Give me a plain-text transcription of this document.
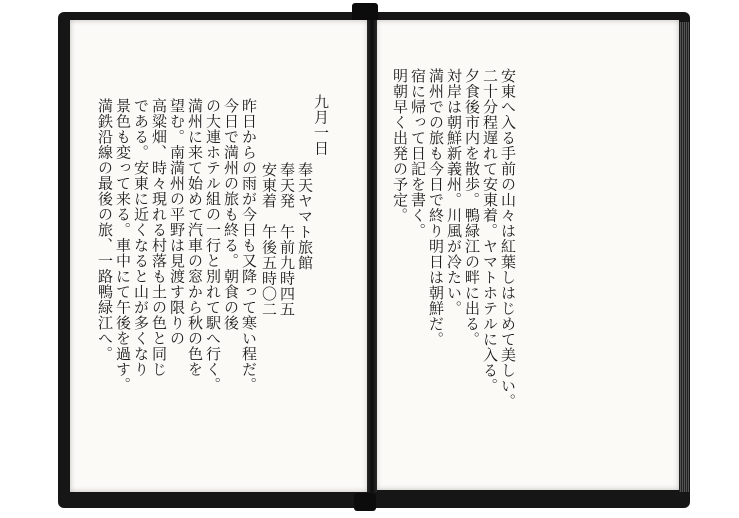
九月一日
奉天ヤマト旅館
奉天発　午前九時四五
安東着　午後五時〇二
昨日からの雨が今日も又降って寒い程だ。
今日で満州の旅も終る。朝食の後
の大連ホテル組の一行と別れて駅へ行く。
満州に来て始めて汽車の窓から秋の色を
望む。南満州の平野は見渡す限りの
高粱畑、時々現れる村落も土の色と同じ
である。安東に近くなると山が多くなり
景色も変って来る。車中にて午後を過す。
満鉄沿線の最後の旅、一路鴨緑江へ。	安東へ入る手前の山々は紅葉しはじめて美しい。
二十分程遅れて安東着。ヤマトホテルに入る。
夕食後市内を散歩。鴨緑江の畔に出る。
対岸は朝鮮新義州。川風が冷たい。
満州での旅も今日で終り明日は朝鮮だ。
宿に帰って日記を書く。
明朝早く出発の予定。
